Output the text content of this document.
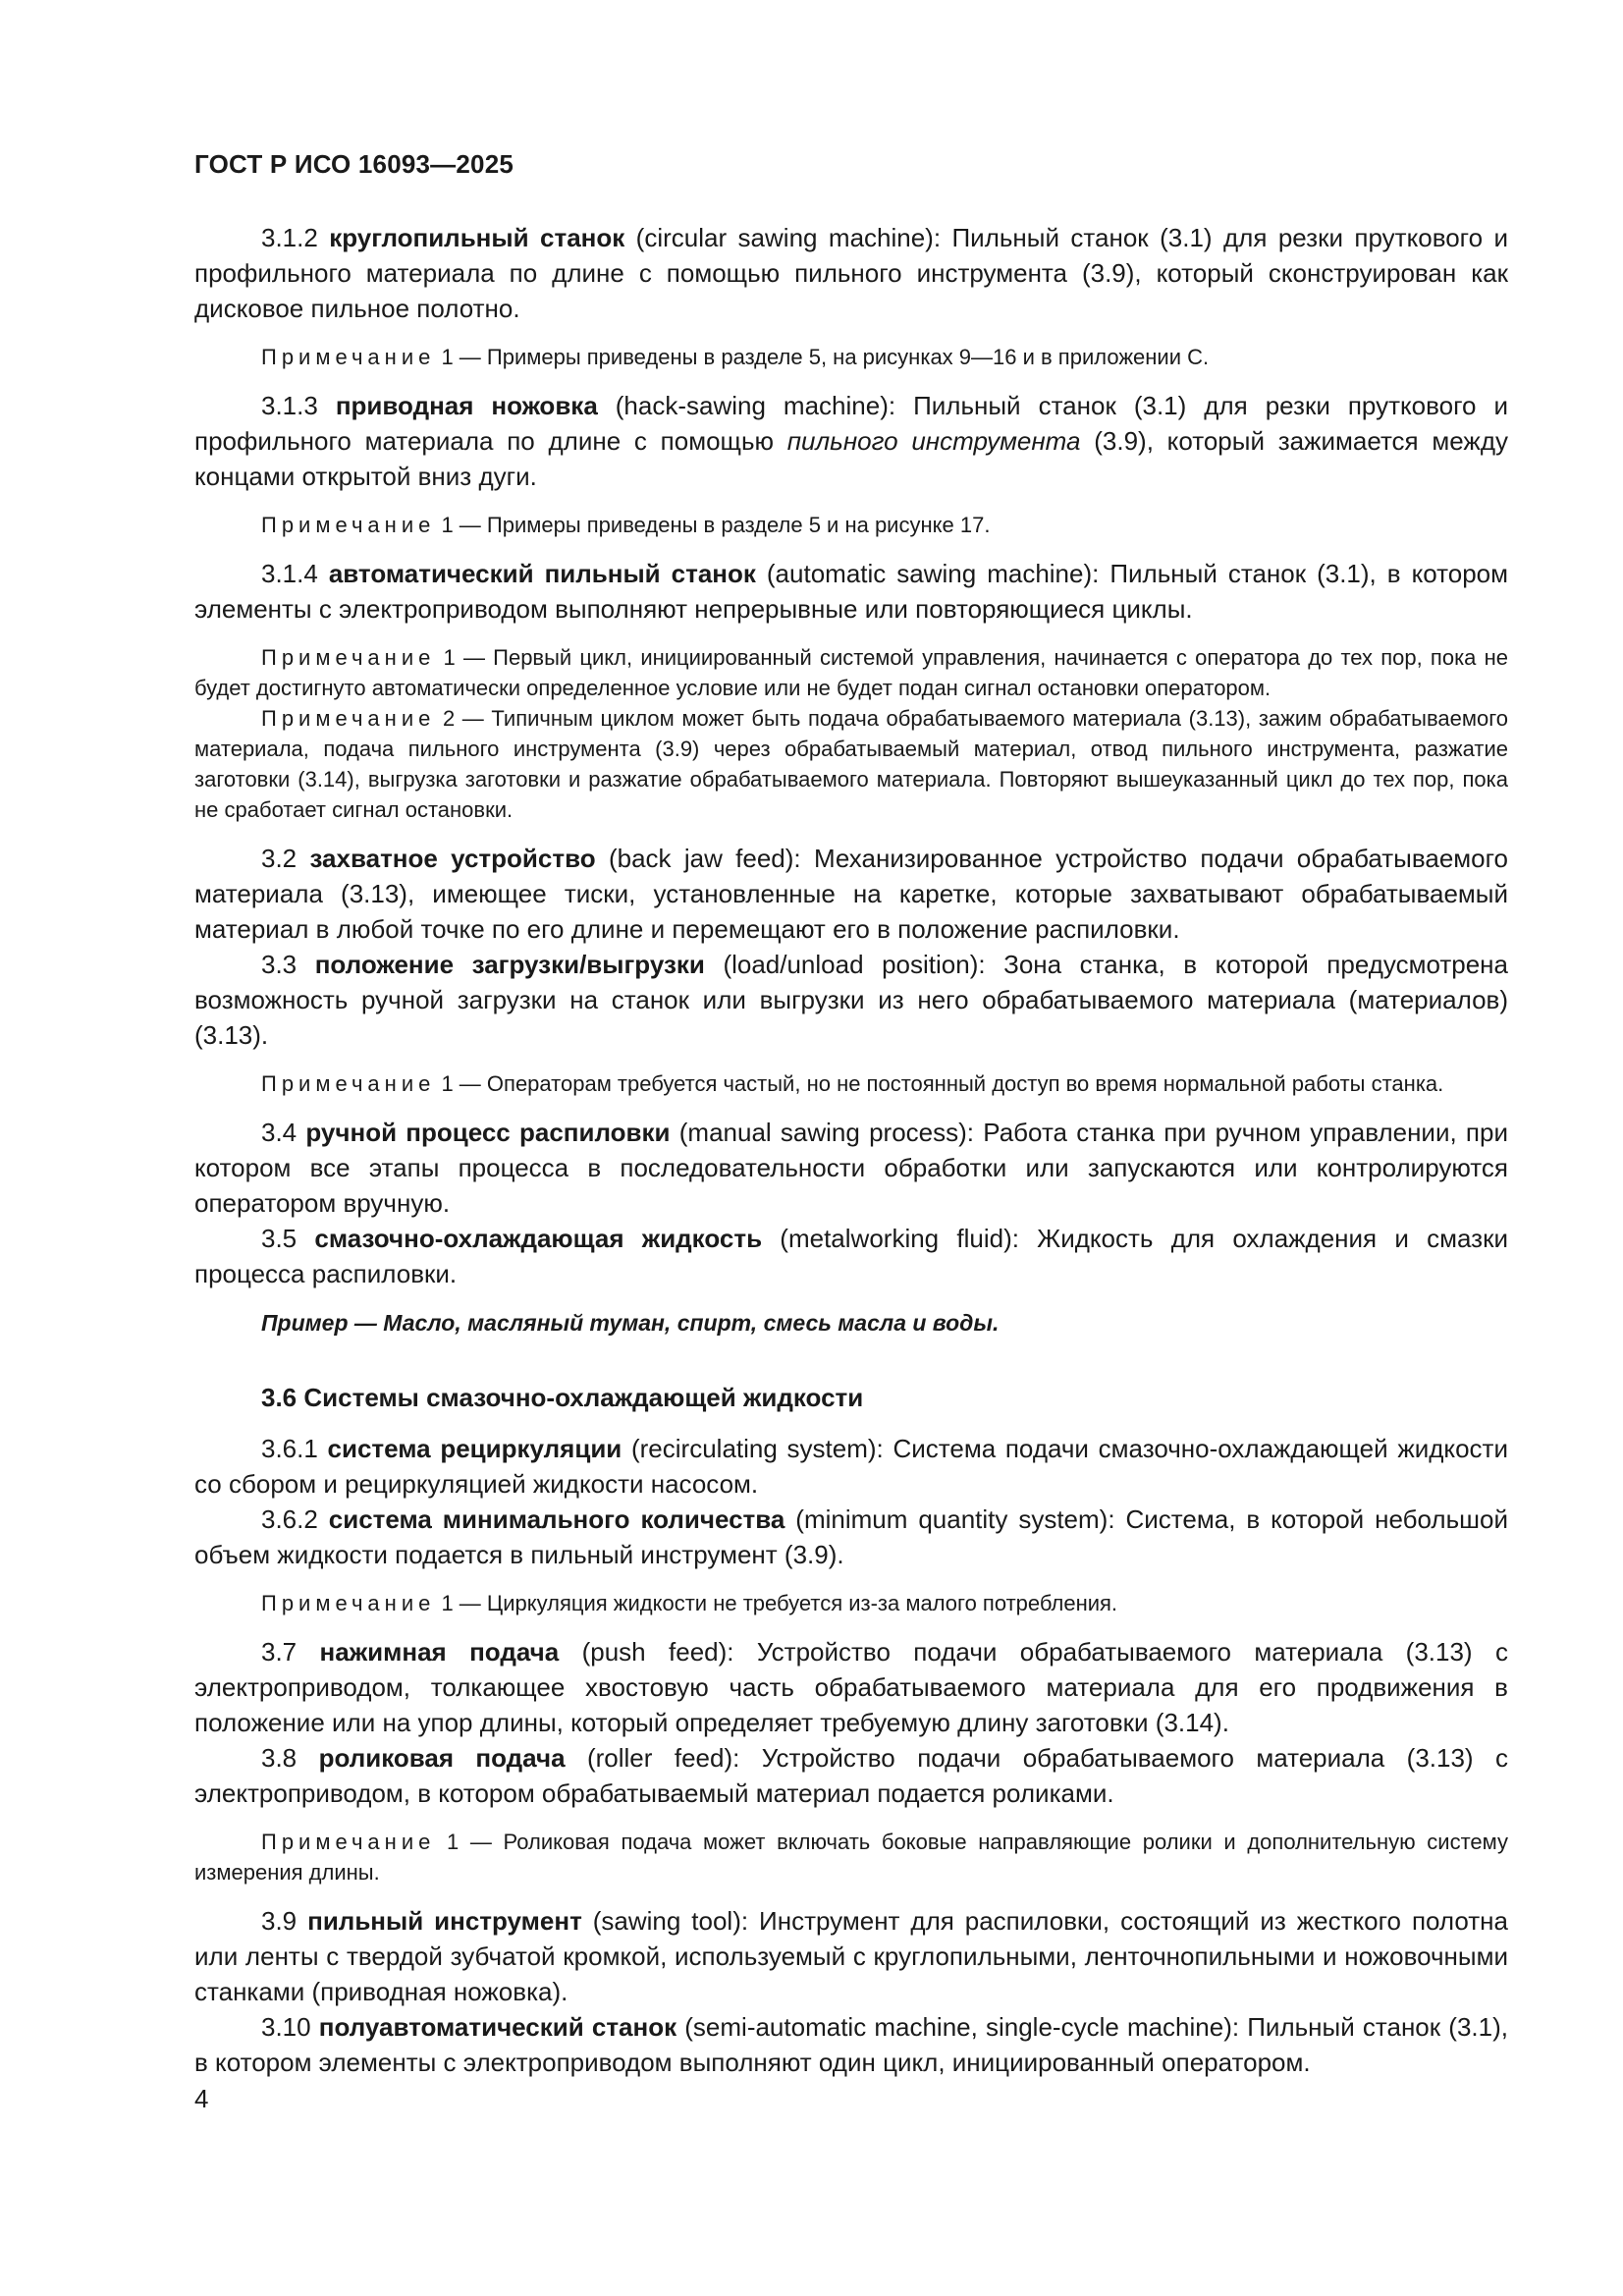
ГОСТ Р ИСО 16093—2025

3.1.2 круглопильный станок (circular sawing machine): Пильный станок (3.1) для резки пруткового и профильного материала по длине с помощью пильного инструмента (3.9), который сконструирован как дисковое пильное полотно.

Примечание 1 — Примеры приведены в разделе 5, на рисунках 9—16 и в приложении С.

3.1.3 приводная ножовка (hack-sawing machine): Пильный станок (3.1) для резки пруткового и профильного материала по длине с помощью пильного инструмента (3.9), который зажимается между концами открытой вниз дуги.

Примечание 1 — Примеры приведены в разделе 5 и на рисунке 17.

3.1.4 автоматический пильный станок (automatic sawing machine): Пильный станок (3.1), в котором элементы с электроприводом выполняют непрерывные или повторяющиеся циклы.

Примечание 1 — Первый цикл, инициированный системой управления, начинается с оператора до тех пор, пока не будет достигнуто автоматически определенное условие или не будет подан сигнал остановки оператором.

Примечание 2 — Типичным циклом может быть подача обрабатываемого материала (3.13), зажим обрабатываемого материала, подача пильного инструмента (3.9) через обрабатываемый материал, отвод пильного инструмента, разжатие заготовки (3.14), выгрузка заготовки и разжатие обрабатываемого материала. Повторяют вышеуказанный цикл до тех пор, пока не сработает сигнал остановки.

3.2 захватное устройство (back jaw feed): Механизированное устройство подачи обрабатываемого материала (3.13), имеющее тиски, установленные на каретке, которые захватывают обрабатываемый материал в любой точке по его длине и перемещают его в положение распиловки.

3.3 положение загрузки/выгрузки (load/unload position): Зона станка, в которой предусмотрена возможность ручной загрузки на станок или выгрузки из него обрабатываемого материала (материалов) (3.13).

Примечание 1 — Операторам требуется частый, но не постоянный доступ во время нормальной работы станка.

3.4 ручной процесс распиловки (manual sawing process): Работа станка при ручном управлении, при котором все этапы процесса в последовательности обработки или запускаются или контролируются оператором вручную.

3.5 смазочно-охлаждающая жидкость (metalworking fluid): Жидкость для охлаждения и смазки процесса распиловки.

Пример — Масло, масляный туман, спирт, смесь масла и воды.

3.6 Системы смазочно-охлаждающей жидкости

3.6.1 система рециркуляции (recirculating system): Система подачи смазочно-охлаждающей жидкости со сбором и рециркуляцией жидкости насосом.

3.6.2 система минимального количества (minimum quantity system): Система, в которой небольшой объем жидкости подается в пильный инструмент (3.9).

Примечание 1 — Циркуляция жидкости не требуется из-за малого потребления.

3.7 нажимная подача (push feed): Устройство подачи обрабатываемого материала (3.13) с электроприводом, толкающее хвостовую часть обрабатываемого материала для его продвижения в положение или на упор длины, который определяет требуемую длину заготовки (3.14).

3.8 роликовая подача (roller feed): Устройство подачи обрабатываемого материала (3.13) с электроприводом, в котором обрабатываемый материал подается роликами.

Примечание 1 — Роликовая подача может включать боковые направляющие ролики и дополнительную систему измерения длины.

3.9 пильный инструмент (sawing tool): Инструмент для распиловки, состоящий из жесткого полотна или ленты с твердой зубчатой кромкой, используемый с круглопильными, ленточнопильными и ножовочными станками (приводная ножовка).

3.10 полуавтоматический станок (semi-automatic machine, single-cycle machine): Пильный станок (3.1), в котором элементы с электроприводом выполняют один цикл, инициированный оператором.

4
